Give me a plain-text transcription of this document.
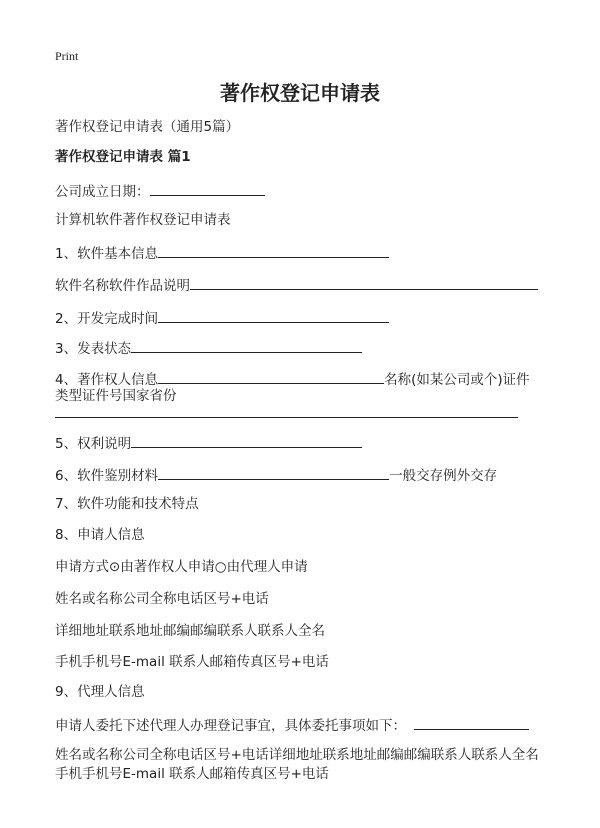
Print
著作权登记申请表
著作权登记申请表（通用5篇）
著作权登记申请表 篇1
公司成立日期：
计算机软件著作权登记申请表
1、软件基本信息
软件名称软件作品说明
2、开发完成时间
3、发表状态
4、著作权人信息	名称(如某公司或个)证件
类型证件号国家省份
5、权利说明
6、软件鉴别材料	一般交存例外交存
7、软件功能和技术特点
8、申请人信息
申请方式⊙由著作权人申请○由代理人申请
姓名或名称公司全称电话区号+电话
详细地址联系地址邮编邮编联系人联系人全名
手机手机号E-mail 联系人邮箱传真区号+电话
9、代理人信息
申请人委托下述代理人办理登记事宜，具体委托事项如下：
姓名或名称公司全称电话区号+电话详细地址联系地址邮编邮编联系人联系人全名
手机手机号E-mail 联系人邮箱传真区号+电话
